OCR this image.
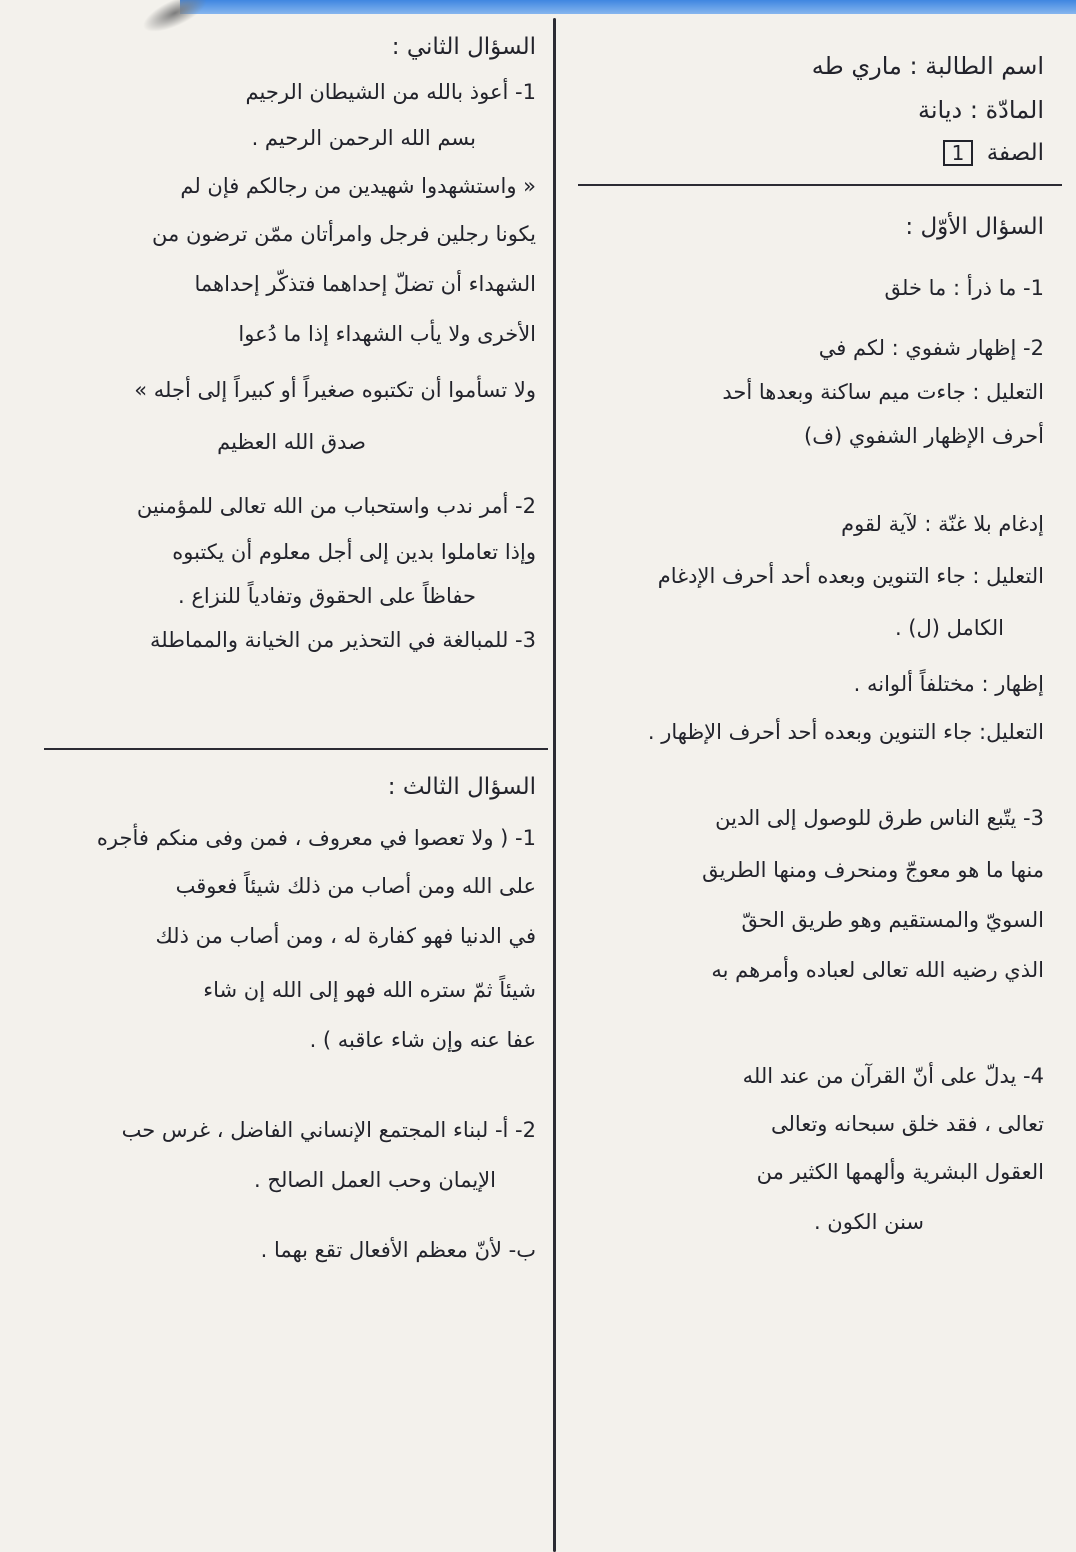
اسم الطالبة : ماري طه

المادّة : ديانة

الصفة 1

السؤال الأوّل :

1- ما ذرأ : ما خلق

2- إظهار شفوي : لكم في

التعليل : جاءت ميم ساكنة وبعدها أحد

أحرف الإظهار الشفوي (ف)

إدغام بلا غنّة : لآية لقوم

التعليل : جاء التنوين وبعده أحد أحرف الإدغام

الكامل (ل) .

إظهار : مختلفاً ألوانه .

التعليل: جاء التنوين وبعده أحد أحرف الإظهار .

3- يتّبع الناس طرق للوصول إلى الدين

منها ما هو معوجّ ومنحرف ومنها الطريق

السويّ والمستقيم وهو طريق الحقّ

الذي رضيه الله تعالى لعباده وأمرهم به

4- يدلّ على أنّ القرآن من عند الله

تعالى ، فقد خلق سبحانه وتعالى

العقول البشرية وألهمها الكثير من

سنن الكون .

السؤال الثاني :

1- أعوذ بالله من الشيطان الرجيم

بسم الله الرحمن الرحيم .

« واستشهدوا شهيدين من رجالكم فإن لم

يكونا رجلين فرجل وامرأتان ممّن ترضون من

الشهداء أن تضلّ إحداهما فتذكّر إحداهما

الأخرى ولا يأب الشهداء إذا ما دُعوا

ولا تسأموا أن تكتبوه صغيراً أو كبيراً إلى أجله »

صدق الله العظيم

2- أمر ندب واستحباب من الله تعالى للمؤمنين

وإذا تعاملوا بدين إلى أجل معلوم أن يكتبوه

حفاظاً على الحقوق وتفادياً للنزاع .

3- للمبالغة في التحذير من الخيانة والمماطلة

السؤال الثالث :

1- ( ولا تعصوا في معروف ، فمن وفى منكم فأجره

على الله ومن أصاب من ذلك شيئاً فعوقب

في الدنيا فهو كفارة له ، ومن أصاب من ذلك

شيئاً ثمّ ستره الله فهو إلى الله إن شاء

عفا عنه وإن شاء عاقبه ) .

2- أ- لبناء المجتمع الإنساني الفاضل ، غرس حب

الإيمان وحب العمل الصالح .

ب- لأنّ معظم الأفعال تقع بهما .
